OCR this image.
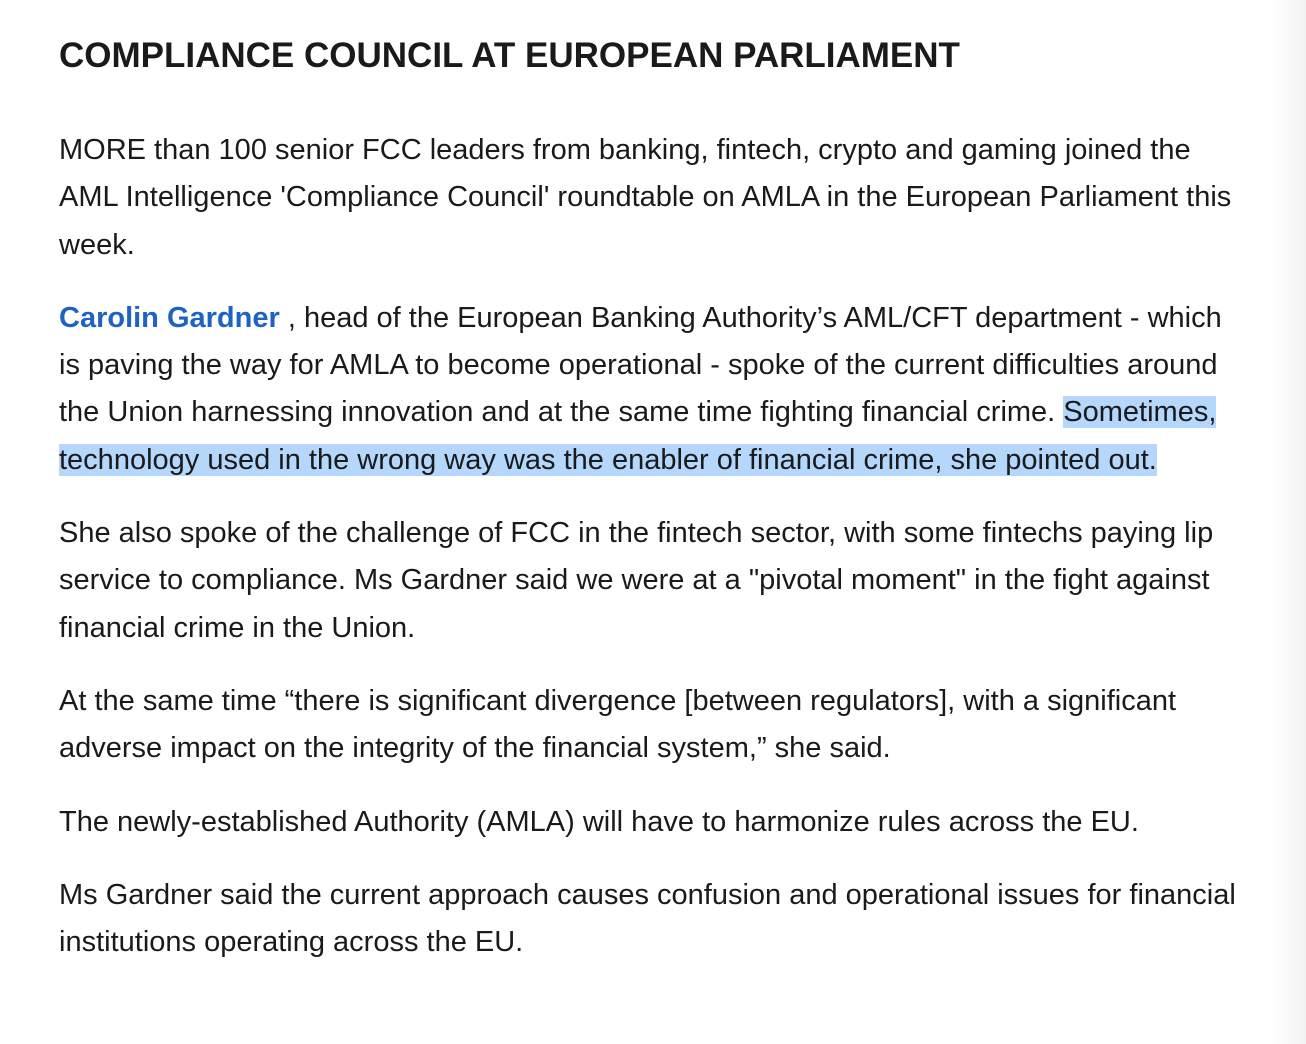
COMPLIANCE COUNCIL AT EUROPEAN PARLIAMENT

MORE than 100 senior FCC leaders from banking, fintech, crypto and gaming joined the AML Intelligence 'Compliance Council' roundtable on AMLA in the European Parliament this week.

Carolin Gardner , head of the European Banking Authority’s AML/CFT department - which is paving the way for AMLA to become operational - spoke of the current difficulties around the Union harnessing innovation and at the same time fighting financial crime. Sometimes, technology used in the wrong way was the enabler of financial crime, she pointed out.

She also spoke of the challenge of FCC in the fintech sector, with some fintechs paying lip service to compliance. Ms Gardner said we were at a "pivotal moment" in the fight against financial crime in the Union.

At the same time “there is significant divergence [between regulators], with a significant adverse impact on the integrity of the financial system,” she said.

The newly-established Authority (AMLA) will have to harmonize rules across the EU.

Ms Gardner said the current approach causes confusion and operational issues for financial institutions operating across the EU.
